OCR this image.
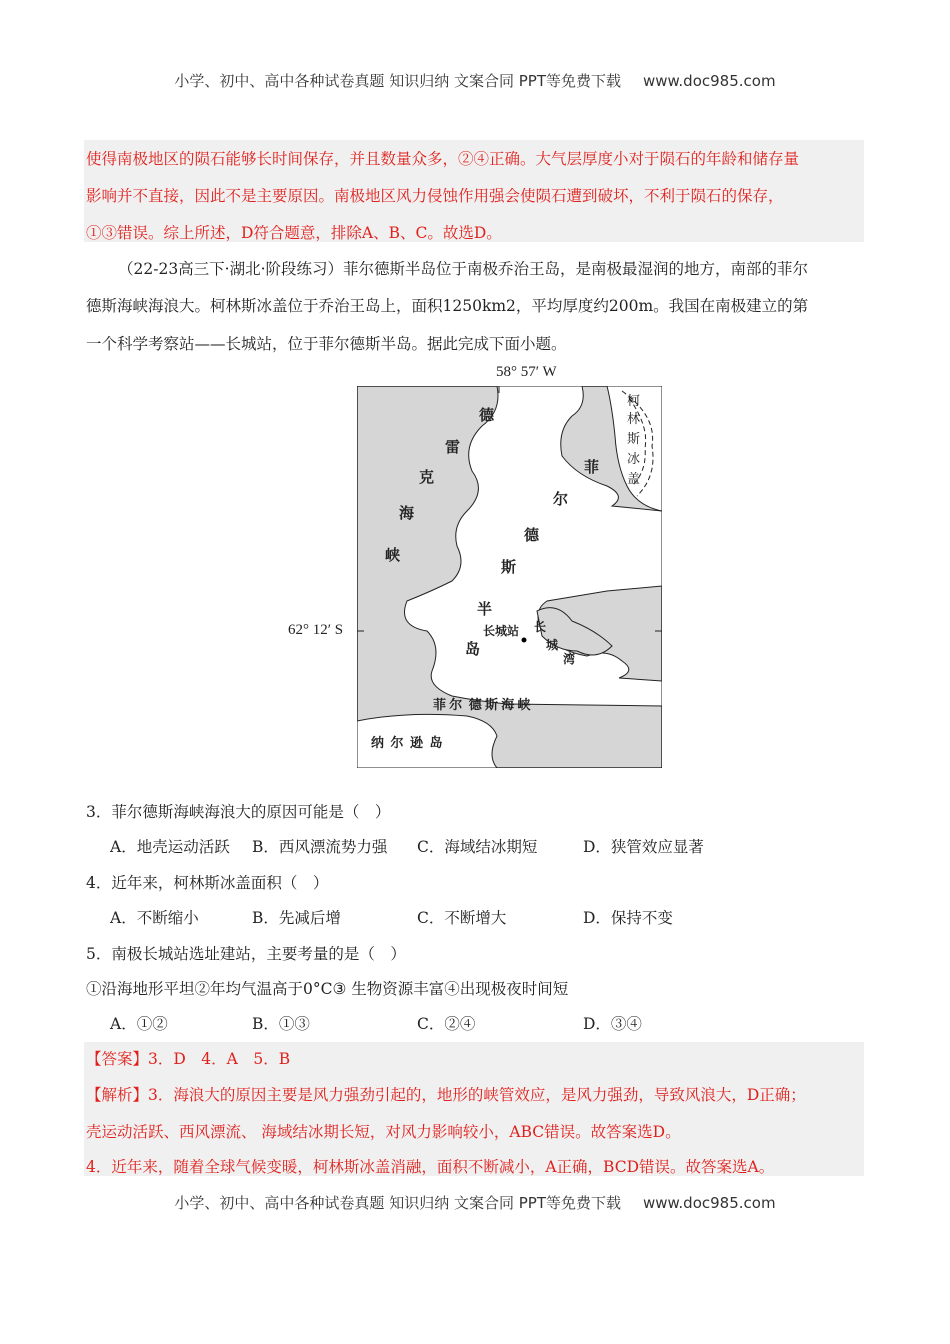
小学、初中、高中各种试卷真题 知识归纳 文案合同 PPT等免费下载 www.doc985.com
使得南极地区的陨石能够长时间保存，并且数量众多，②④正确。大气层厚度小对于陨石的年龄和储存量
影响并不直接，因此不是主要原因。南极地区风力侵蚀作用强会使陨石遭到破坏，不利于陨石的保存，
①③错误。综上所述，D符合题意，排除A、B、C。故选D。
（22-23高三下·湖北·阶段练习）菲尔德斯半岛位于南极乔治王岛，是南极最湿润的地方，南部的菲尔
德斯海峡海浪大。柯林斯冰盖位于乔治王岛上，面积1250km2，平均厚度约200m。我国在南极建立的第
一个科学考察站——长城站，位于菲尔德斯半岛。据此完成下面小题。
58° 57′ W
62° 12′ S
德
雷
克
海
峡
菲
尔
德
斯
半
岛
柯
林
斯
冰
盖
长城站 长
城
湾
菲 尔  德 斯 海 峡
纳  尔  逊  岛
3．菲尔德斯海峡海浪大的原因可能是（　）
A．地壳运动活跃 B．西风漂流势力强 C．海域结冰期短	D．狭管效应显著
4．近年来，柯林斯冰盖面积（　）
A．不断缩小	B．先减后增	C．不断增大	D．保持不变
5．南极长城站选址建站，主要考量的是（　）
①沿海地形平坦②年均气温高于0°C③ 生物资源丰富④出现极夜时间短
A．①②	B．①③	C．②④	D．③④
【答案】3．D　4．A　5．B
【解析】3．海浪大的原因主要是风力强劲引起的，地形的峡管效应，是风力强劲，导致风浪大，D正确；
壳运动活跃、西风漂流、 海域结冰期长短，对风力影响较小，ABC错误。故答案选D。
4．近年来，随着全球气候变暖，柯林斯冰盖消融，面积不断减小，A正确，BCD错误。故答案选A。
小学、初中、高中各种试卷真题 知识归纳 文案合同 PPT等免费下载 www.doc985.com
